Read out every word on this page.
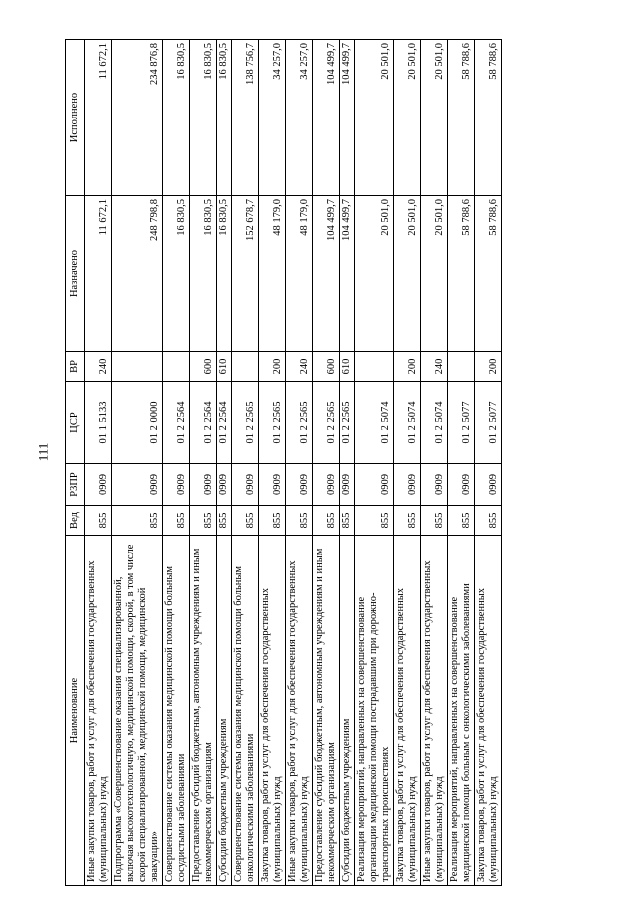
111
Наименование	Вед	Р3ПР	ЦСР	ВР	Назначено	Исполнено
Иные закупки товаров, работ и услуг для обеспечения государственных (муниципальных) нужд	855	0909	01 1 5133	240	11 672,1	11 672,1
Подпрограмма «Совершенствование оказания специализированной, включая высокотехнологичную, медицинской помощи, скорой, в том числе скорой специализированной, медицинской помощи, медицинской эвакуации»	855	0909	01 2 0000		248 798,8	234 876,8
Совершенствование системы оказания медицинской помощи больным сосудистыми заболеваниями	855	0909	01 2 2564		16 830,5	16 830,5
Предоставление субсидий бюджетным, автономным учреждениям и иным некоммерческим организациям	855	0909	01 2 2564	600	16 830,5	16 830,5
Субсидии бюджетным учреждениям	855	0909	01 2 2564	610	16 830,5	16 830,5
Совершенствование системы оказания медицинской помощи больным онкологическими заболеваниями	855	0909	01 2 2565		152 678,7	138 756,7
Закупка товаров, работ и услуг для обеспечения государственных (муниципальных) нужд	855	0909	01 2 2565	200	48 179,0	34 257,0
Иные закупки товаров, работ и услуг для обеспечения государственных (муниципальных) нужд	855	0909	01 2 2565	240	48 179,0	34 257,0
Предоставление субсидий бюджетным, автономным учреждениям и иным некоммерческим организациям	855	0909	01 2 2565	600	104 499,7	104 499,7
Субсидии бюджетным учреждениям	855	0909	01 2 2565	610	104 499,7	104 499,7
Реализация мероприятий, направленных на совершенствование организации медицинской помощи пострадавшим при дорожно-транспортных происшествиях	855	0909	01 2 5074		20 501,0	20 501,0
Закупка товаров, работ и услуг для обеспечения государственных (муниципальных) нужд	855	0909	01 2 5074	200	20 501,0	20 501,0
Иные закупки товаров, работ и услуг для обеспечения государственных (муниципальных) нужд	855	0909	01 2 5074	240	20 501,0	20 501,0
Реализация мероприятий, направленных на совершенствование медицинской помощи больным с онкологическими заболеваниями	855	0909	01 2 5077		58 788,6	58 788,6
Закупка товаров, работ и услуг для обеспечения государственных (муниципальных) нужд	855	0909	01 2 5077	200	58 788,6	58 788,6
